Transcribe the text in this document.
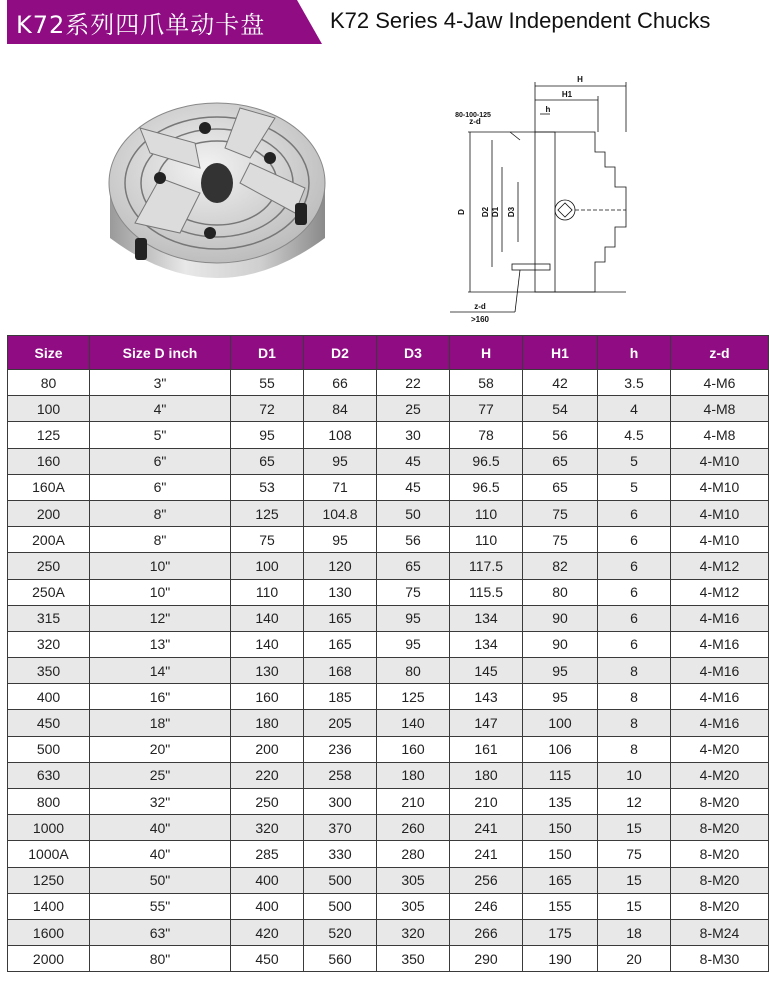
K72系列四爪单动卡盘	K72 Series 4-Jaw Independent Chucks
H
H1
h
z-d
80-100-125
D D2 D1 D3
z-d
>160
Size	Size D inch	D1	D2	D3	H	H1	h	z-d
80	3"	55	66	22	58	42	3.5	4-M6
100	4"	72	84	25	77	54	4	4-M8
125	5"	95	108	30	78	56	4.5	4-M8
160	6"	65	95	45	96.5	65	5	4-M10
160A	6"	53	71	45	96.5	65	5	4-M10
200	8"	125	104.8	50	110	75	6	4-M10
200A	8"	75	95	56	110	75	6	4-M10
250	10"	100	120	65	117.5	82	6	4-M12
250A	10"	110	130	75	115.5	80	6	4-M12
315	12"	140	165	95	134	90	6	4-M16
320	13"	140	165	95	134	90	6	4-M16
350	14"	130	168	80	145	95	8	4-M16
400	16"	160	185	125	143	95	8	4-M16
450	18"	180	205	140	147	100	8	4-M16
500	20"	200	236	160	161	106	8	4-M20
630	25"	220	258	180	180	115	10	4-M20
800	32"	250	300	210	210	135	12	8-M20
1000	40"	320	370	260	241	150	15	8-M20
1000A	40"	285	330	280	241	150	75	8-M20
1250	50"	400	500	305	256	165	15	8-M20
1400	55"	400	500	305	246	155	15	8-M20
1600	63"	420	520	320	266	175	18	8-M24
2000	80"	450	560	350	290	190	20	8-M30
